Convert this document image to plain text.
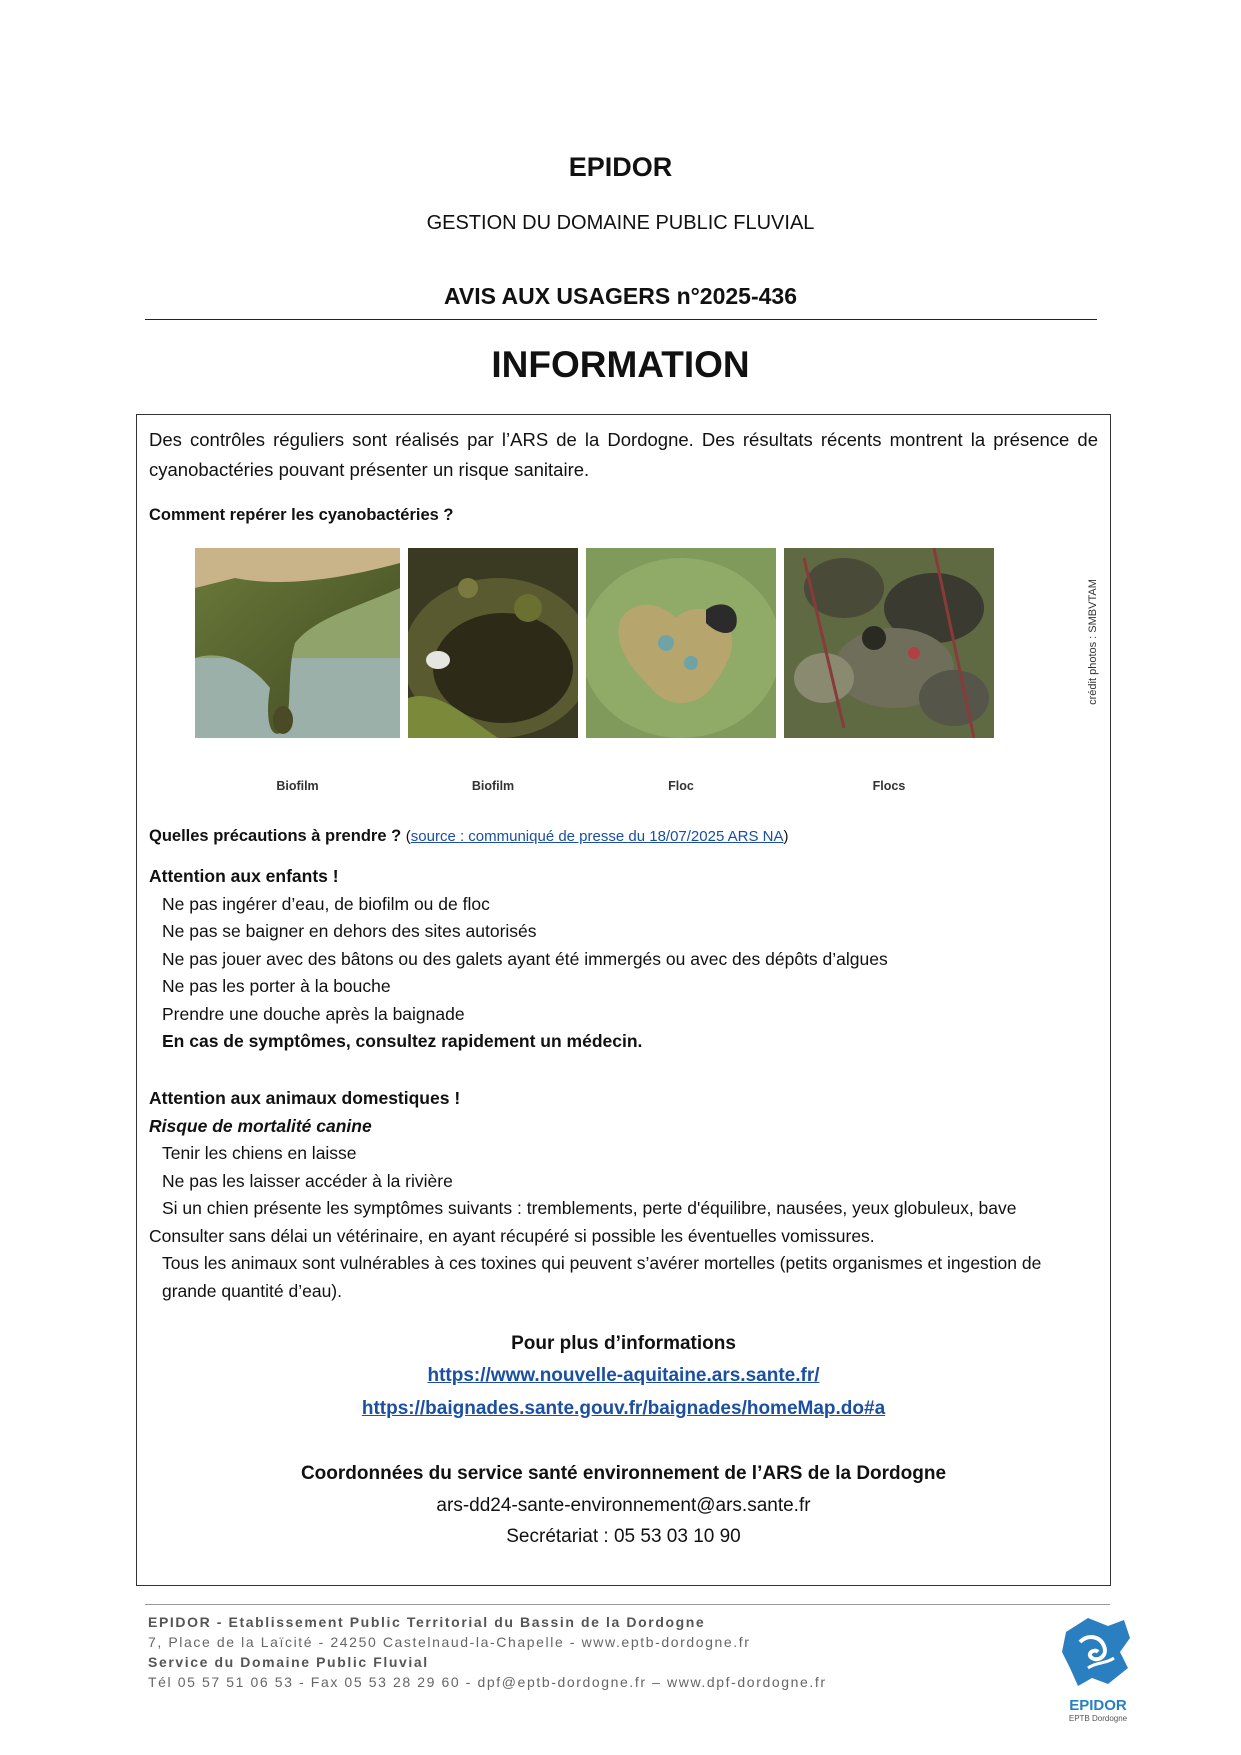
EPIDOR
GESTION DU DOMAINE PUBLIC FLUVIAL
AVIS AUX USAGERS n°2025-436
INFORMATION

Des contrôles réguliers sont réalisés par l’ARS de la Dordogne. Des résultats récents montrent la présence de cyanobactéries pouvant présenter un risque sanitaire.

Comment repérer les cyanobactéries ?
crédit photos : SMBVTAM
Biofilm	Biofilm	Floc	Flocs
Quelles précautions à prendre ? (source : communiqué de presse du 18/07/2025 ARS NA)
Attention aux enfants !
Ne pas ingérer d’eau, de biofilm ou de floc
Ne pas se baigner en dehors des sites autorisés
Ne pas jouer avec des bâtons ou des galets ayant été immergés ou avec des dépôts d’algues
Ne pas les porter à la bouche
Prendre une douche après la baignade
En cas de symptômes, consultez rapidement un médecin.
Attention aux animaux domestiques !
Risque de mortalité canine
Tenir les chiens en laisse
Ne pas les laisser accéder à la rivière
Si un chien présente les symptômes suivants : tremblements, perte d'équilibre, nausées, yeux globuleux, bave
Consulter sans délai un vétérinaire, en ayant récupéré si possible les éventuelles vomissures.
Tous les animaux sont vulnérables à ces toxines qui peuvent s’avérer mortelles (petits organismes et ingestion de grande quantité d’eau).
Pour plus d’informations
https://www.nouvelle-aquitaine.ars.sante.fr/
https://baignades.sante.gouv.fr/baignades/homeMap.do#a
Coordonnées du service santé environnement de l’ARS de la Dordogne
ars-dd24-sante-environnement@ars.sante.fr
Secrétariat : 05 53 03 10 90
EPIDOR - Etablissement Public Territorial du Bassin de la Dordogne
7, Place de la Laïcité - 24250 Castelnaud-la-Chapelle - www.eptb-dordogne.fr
Service du Domaine Public Fluvial
Tél 05 57 51 06 53 - Fax 05 53 28 29 60 - dpf@eptb-dordogne.fr – www.dpf-dordogne.fr
EPIDOR
EPTB Dordogne
